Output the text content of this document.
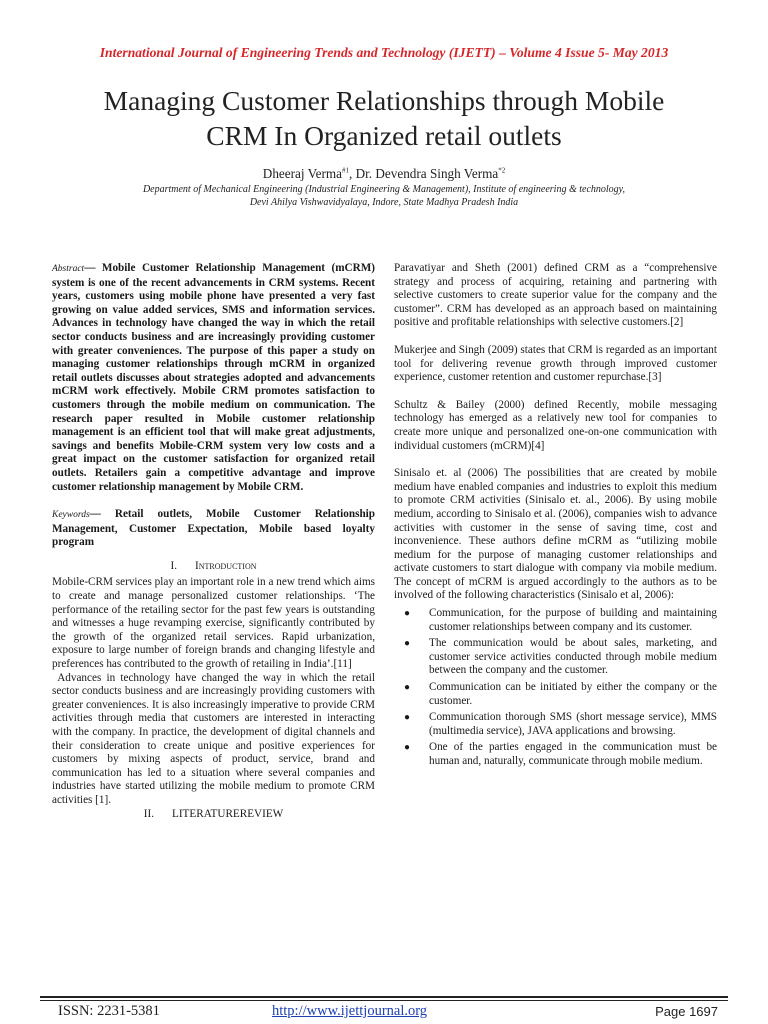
International Journal of Engineering Trends and Technology (IJETT) – Volume 4 Issue 5- May 2013
Managing Customer Relationships through Mobile
CRM In Organized retail outlets
Dheeraj Verma$^{\#1}$, Dr. Devendra Singh Verma$^{*2}$
Department of Mechanical Engineering (Industrial Engineering & Management), Institute of engineering & technology,
Devi Ahilya Vishwavidyalaya, Indore, State Madhya Pradesh India

Abstract— Mobile Customer Relationship Management (mCRM) system is one of the recent advancements in CRM systems. Recent years, customers using mobile phone have presented a very fast growing on value added services, SMS and information services. Advances in technology have changed the way in which the retail sector conducts business and are increasingly providing customer with greater conveniences. The purpose of this paper a study on managing customer relationships through mCRM in organized retail outlets discusses about strategies adopted and advancements mCRM work effectively. Mobile CRM promotes satisfaction to customers through the mobile medium on communication. The research paper resulted in Mobile customer relationship management is an efficient tool that will make great adjustments, savings and benefits Mobile-CRM system very low costs and a great impact on the customer satisfaction for organized retail outlets. Retailers gain a competitive advantage and improve customer relationship management by Mobile CRM.

Keywords— Retail outlets, Mobile Customer Relationship Management, Customer Expectation, Mobile based loyalty program

I. Introduction

Mobile-CRM services play an important role in a new trend which aims to create and manage personalized customer relationships. ‘The performance of the retailing sector for the past few years is outstanding and witnesses a huge revamping exercise, significantly contributed by the growth of the organized retail services. Rapid urbanization, exposure to large number of foreign brands and changing lifestyle and preferences has contributed to the growth of retailing in India’.[11]

Advances in technology have changed the way in which the retail sector conducts business and are increasingly providing customers with greater conveniences. It is also increasingly imperative to provide CRM activities through media that customers are interested in interacting with the company. In practice, the development of digital channels and their consideration to create unique and positive experiences for customers by mixing aspects of product, service, brand and communication has led to a situation where several companies and industries have started utilizing the mobile medium to promote CRM activities [1].

II. LITERATUREREVIEW

Paravatiyar and Sheth (2001) defined CRM as a “comprehensive strategy and process of acquiring, retaining and partnering with selective customers to create superior value for the company and the customer”. CRM has developed as an approach based on maintaining positive and profitable relationships with selective customers.[2]

Mukerjee and Singh (2009) states that CRM is regarded as an important tool for delivering revenue growth through improved customer experience, customer retention and customer repurchase.[3]

Schultz & Bailey (2000) defined Recently, mobile messaging technology has emerged as a relatively new tool for companies  to create more unique and personalized one-on-one communication with individual customers (mCRM)[4]

Sinisalo et. al (2006) The possibilities that are created by mobile medium have enabled companies and industries to exploit this medium to promote CRM activities (Sinisalo et. al., 2006). By using mobile medium, according to Sinisalo et al. (2006), companies wish to advance activities with customer in the sense of saving time, cost and inconvenience. These authors define mCRM as “utilizing mobile medium for the purpose of managing customer relationships and activate customers to start dialogue with company via mobile medium. The concept of mCRM is argued accordingly to the authors as to be involved of the following characteristics (Sinisalo et al, 2006):

● Communication, for the purpose of building and maintaining customer relationships between company and its customer.
● The communication would be about sales, marketing, and customer service activities conducted through mobile medium between the company and the customer.
● Communication can be initiated by either the company or the customer.
● Communication thorough SMS (short message service), MMS (multimedia service), JAVA applications and browsing.
● One of the parties engaged in the communication must be human and, naturally, communicate through mobile medium.
ISSN: 2231-5381	http://www.ijettjournal.org	Page 1697
